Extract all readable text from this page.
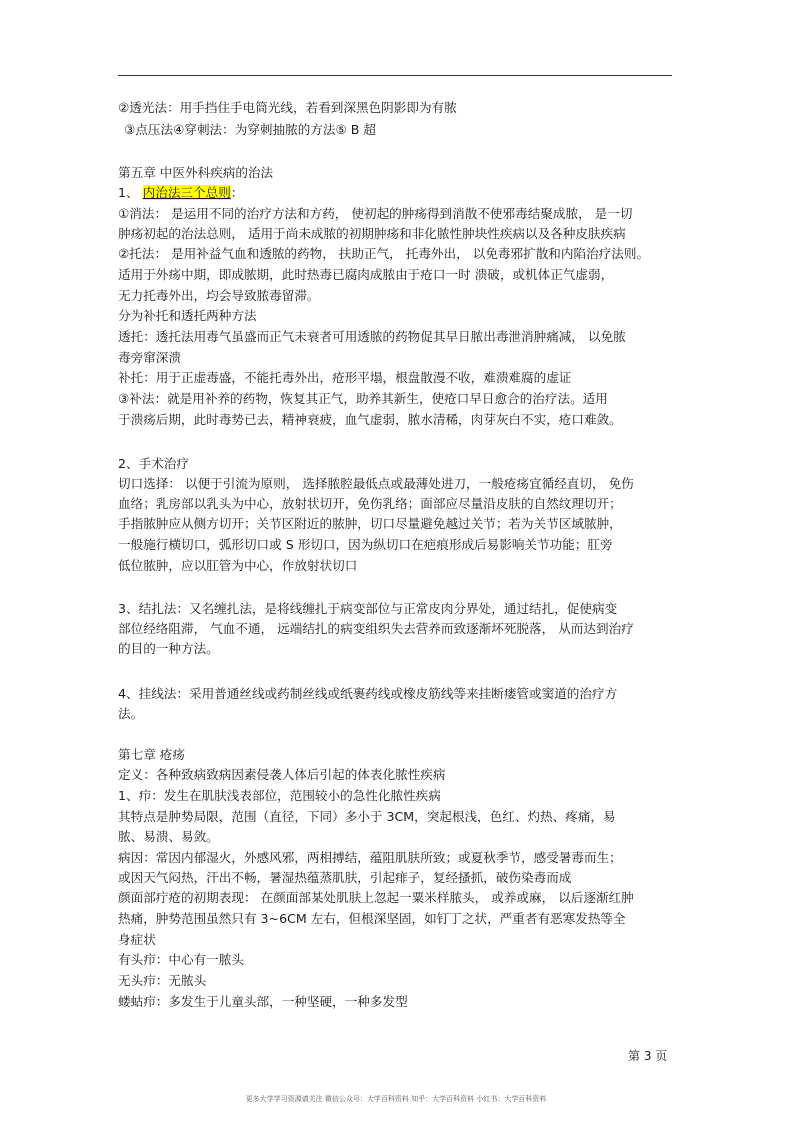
②透光法：用手挡住手电筒光线，若看到深黑色阴影即为有脓
③点压法④穿刺法：为穿刺抽脓的方法⑤ B 超
第五章 中医外科疾病的治法
1、 内治法三个总则：
①消法： 是运用不同的治疗方法和方药， 使初起的肿疡得到消散不使邪毒结聚成脓， 是一切
肿疡初起的治法总则， 适用于尚未成脓的初期肿疡和非化脓性肿块性疾病以及各种皮肤疾病
②托法： 是用补益气血和透脓的药物， 扶助正气， 托毒外出， 以免毒邪扩散和内陷治疗法则。
适用于外疡中期，即成脓期，此时热毒已腐肉成脓由于疮口一时 溃破，或机体正气虚弱，
无力托毒外出，均会导致脓毒留滞。
分为补托和透托两种方法
透托：透托法用毒气虽盛而正气未衰者可用透脓的药物促其早日脓出毒泄消肿痛减， 以免脓
毒旁窜深溃
补托：用于正虚毒盛，不能托毒外出，疮形平塌，根盘散漫不收，难溃难腐的虚证
③补法：就是用补养的药物，恢复其正气，助养其新生，使疮口早日愈合的治疗法。适用
于溃疡后期，此时毒势已去，精神衰疲，血气虚弱，脓水清稀，肉芽灰白不实，疮口难敛。
2、手术治疗
切口选择： 以便于引流为原则， 选择脓腔最低点或最薄处进刀，一般疮疡宜循经直切， 免伤
血络；乳房部以乳头为中心，放射状切开，免伤乳络；面部应尽量沿皮肤的自然纹理切开；
手指脓肿应从侧方切开；关节区附近的脓肿，切口尽量避免越过关节；若为关节区域脓肿，
一般施行横切口，弧形切口或 S 形切口，因为纵切口在疤痕形成后易影响关节功能；肛旁
低位脓肿，应以肛管为中心，作放射状切口
3、结扎法：又名缠扎法，是将线缠扎于病变部位与正常皮肉分界处，通过结扎，促使病变
部位经络阻滞， 气血不通， 远端结扎的病变组织失去营养而致逐渐坏死脱落， 从而达到治疗
的目的一种方法。
4、挂线法：采用普通丝线或药制丝线或纸裹药线或橡皮筋线等来挂断瘘管或窦道的治疗方
法。
第七章 疮疡
定义：各种致病致病因素侵袭人体后引起的体表化脓性疾病
1、疖：发生在肌肤浅表部位，范围较小的急性化脓性疾病
其特点是肿势局限，范围（直径，下同）多小于 3CM，突起根浅，色红、灼热、疼痛，易
脓、易溃、易敛。
病因：常因内郁湿火，外感风邪，两相搏结，蕴阻肌肤所致；或夏秋季节，感受暑毒而生；
或因天气闷热，汗出不畅，暑湿热蕴蒸肌肤，引起痱子，复经搔抓，破伤染毒而成
颜面部疔疮的初期表现： 在颜面部某处肌肤上忽起一粟米样脓头， 或养或麻， 以后逐渐红肿
热痛，肿势范围虽然只有 3~6CM 左右，但根深坚固，如钉丁之状，严重者有恶寒发热等全
身症状
有头疖：中心有一脓头
无头疖：无脓头
蝼蛄疖：多发生于儿童头部，一种坚硬，一种多发型
第 3 页
更多大学学习资源请关注 微信公众号：大学百科资料 知乎：大学百科资料 小红书：大学百科资料
